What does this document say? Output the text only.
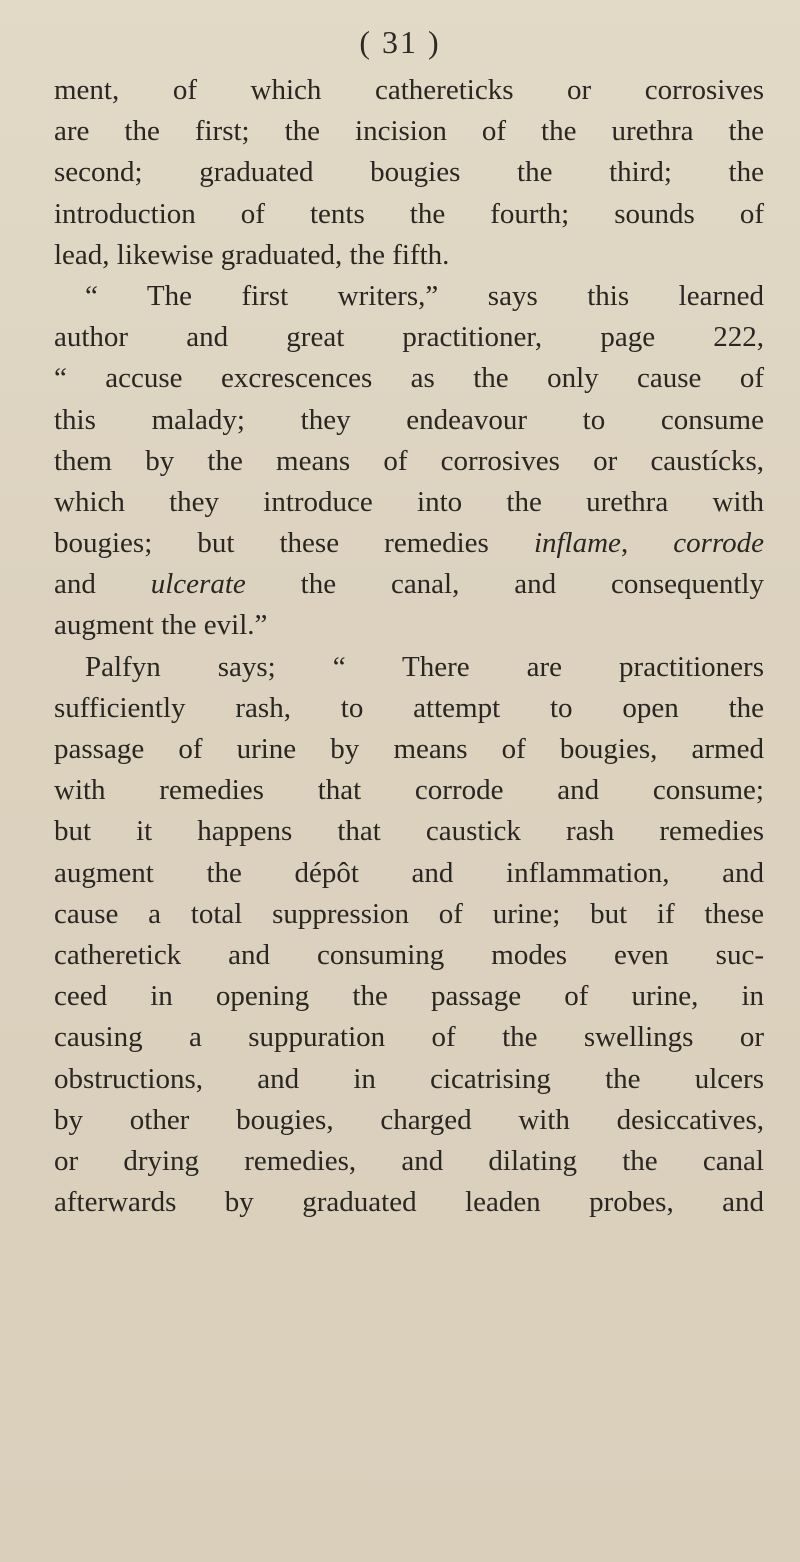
( 31 )
ment, of which cathereticks or corrosives
are the first; the incision of the urethra the
second; graduated bougies the third; the
introduction of tents the fourth; sounds of
lead, likewise graduated, the fifth.
“ The first writers,” says this learned
author and great practitioner, page 222,
“ accuse excrescences as the only cause of
this malady; they endeavour to consume
them by the means of corrosives or caustícks,
which they introduce into the urethra with
bougies; but these remedies inflame, corrode
and ulcerate the canal, and consequently
augment the evil.”
Palfyn says; “ There are practitioners
sufficiently rash, to attempt to open the
passage of urine by means of bougies, armed
with remedies that corrode and consume;
but it happens that caustick rash remedies
augment the dépôt and inflammation, and
cause a total suppression of urine; but if these
catheretick and consuming modes even suc-
ceed in opening the passage of urine, in
causing a suppuration of the swellings or
obstructions, and in cicatrising the ulcers
by other bougies, charged with desiccatives,
or drying remedies, and dilating the canal
afterwards by graduated leaden probes, and
